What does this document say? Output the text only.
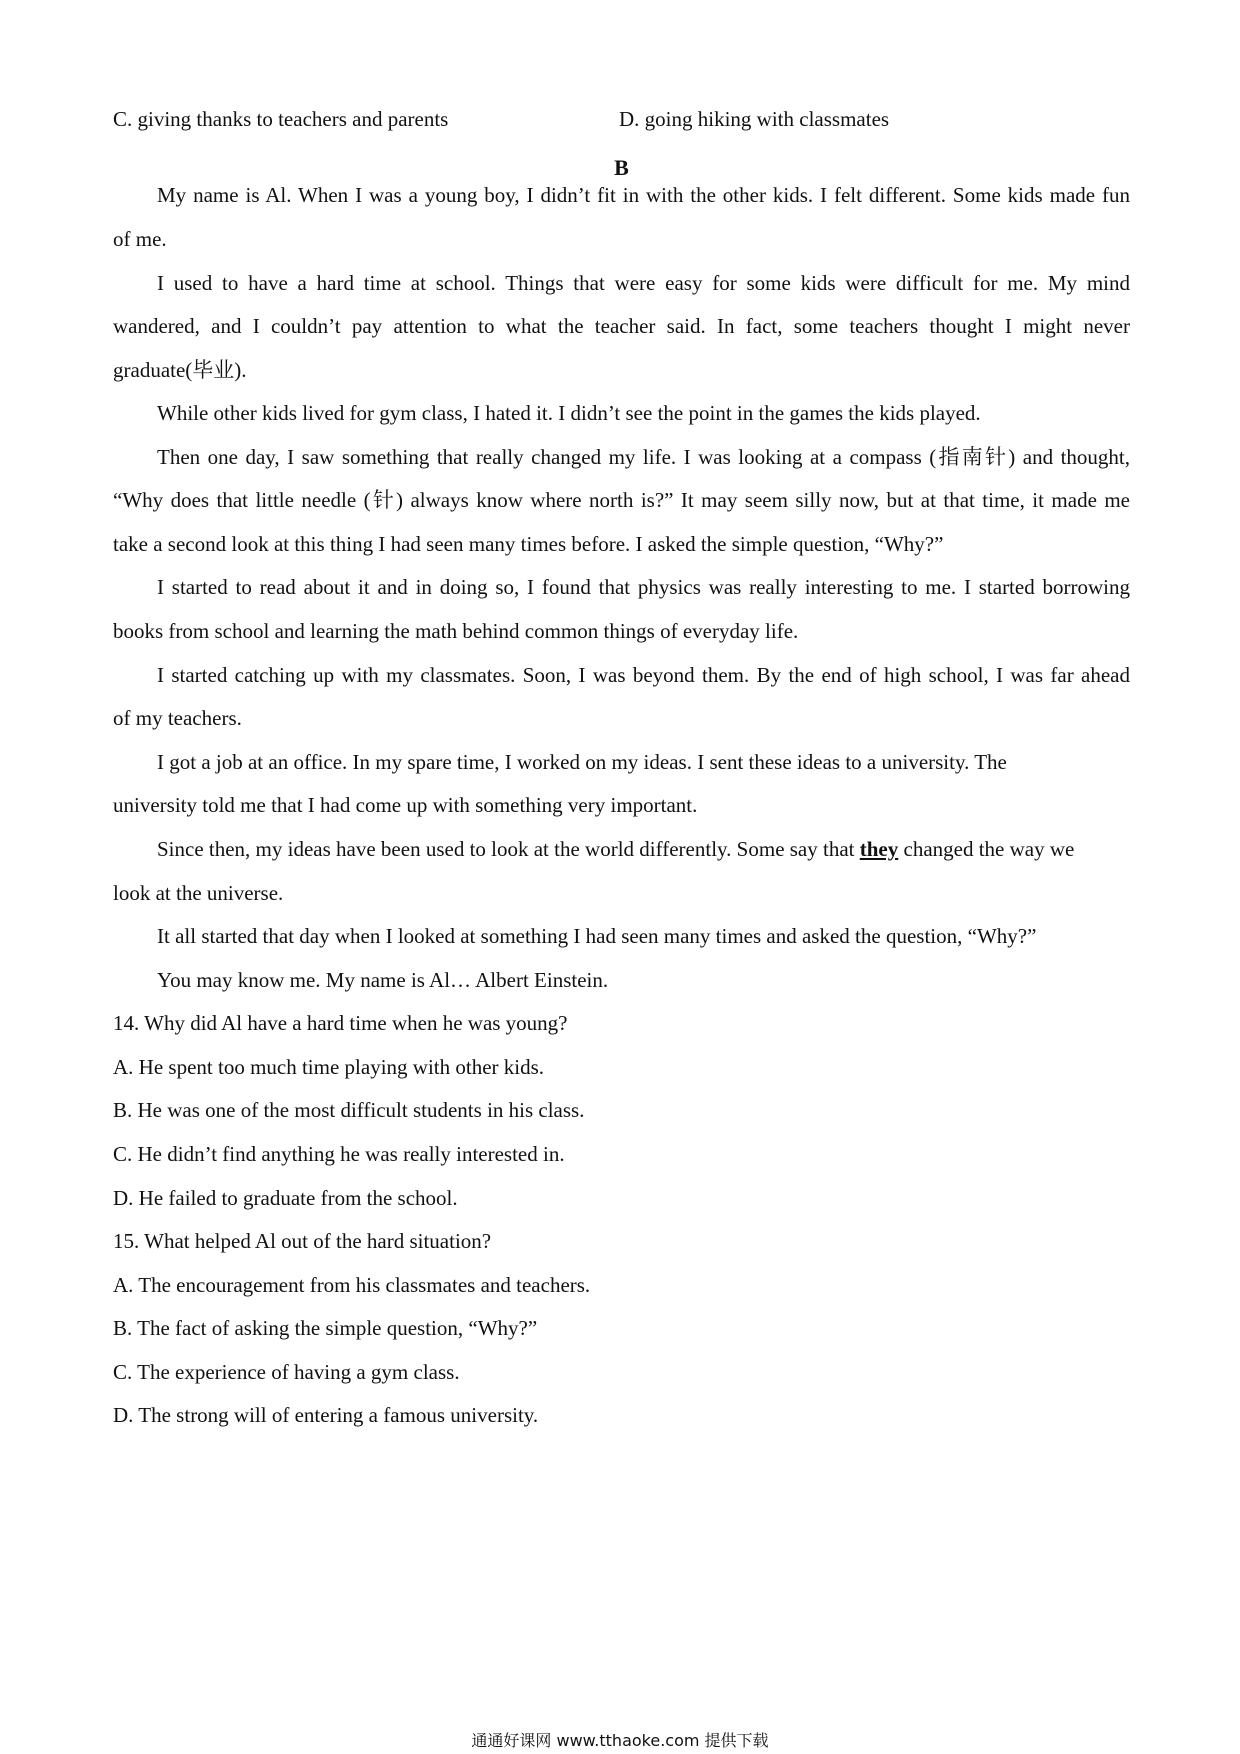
C. giving thanks to teachers and parents	D. going hiking with classmates
B
My name is Al. When I was a young boy, I didn’t fit in with the other kids. I felt different. Some kids made fun
of me.
I used to have a hard time at school. Things that were easy for some kids were difficult for me. My mind
wandered, and I couldn’t pay attention to what the teacher said. In fact, some teachers thought I might never
graduate(毕业).
While other kids lived for gym class, I hated it. I didn’t see the point in the games the kids played.
Then one day, I saw something that really changed my life. I was looking at a compass (指南针) and thought,
“Why does that little needle (针) always know where north is?” It may seem silly now, but at that time, it made me
take a second look at this thing I had seen many times before. I asked the simple question, “Why?”
I started to read about it and in doing so, I found that physics was really interesting to me. I started borrowing
books from school and learning the math behind common things of everyday life.
I started catching up with my classmates. Soon, I was beyond them. By the end of high school, I was far ahead
of my teachers.
I got a job at an office. In my spare time, I worked on my ideas. I sent these ideas to a university. The
university told me that I had come up with something very important.
Since then, my ideas have been used to look at the world differently. Some say that they changed the way we
look at the universe.
It all started that day when I looked at something I had seen many times and asked the question, “Why?”
You may know me. My name is Al… Albert Einstein.
14. Why did Al have a hard time when he was young?
A. He spent too much time playing with other kids.
B. He was one of the most difficult students in his class.
C. He didn’t find anything he was really interested in.
D. He failed to graduate from the school.
15. What helped Al out of the hard situation?
A. The encouragement from his classmates and teachers.
B. The fact of asking the simple question, “Why?”
C. The experience of having a gym class.
D. The strong will of entering a famous university.
通通好课网 www.tthaoke.com 提供下载
